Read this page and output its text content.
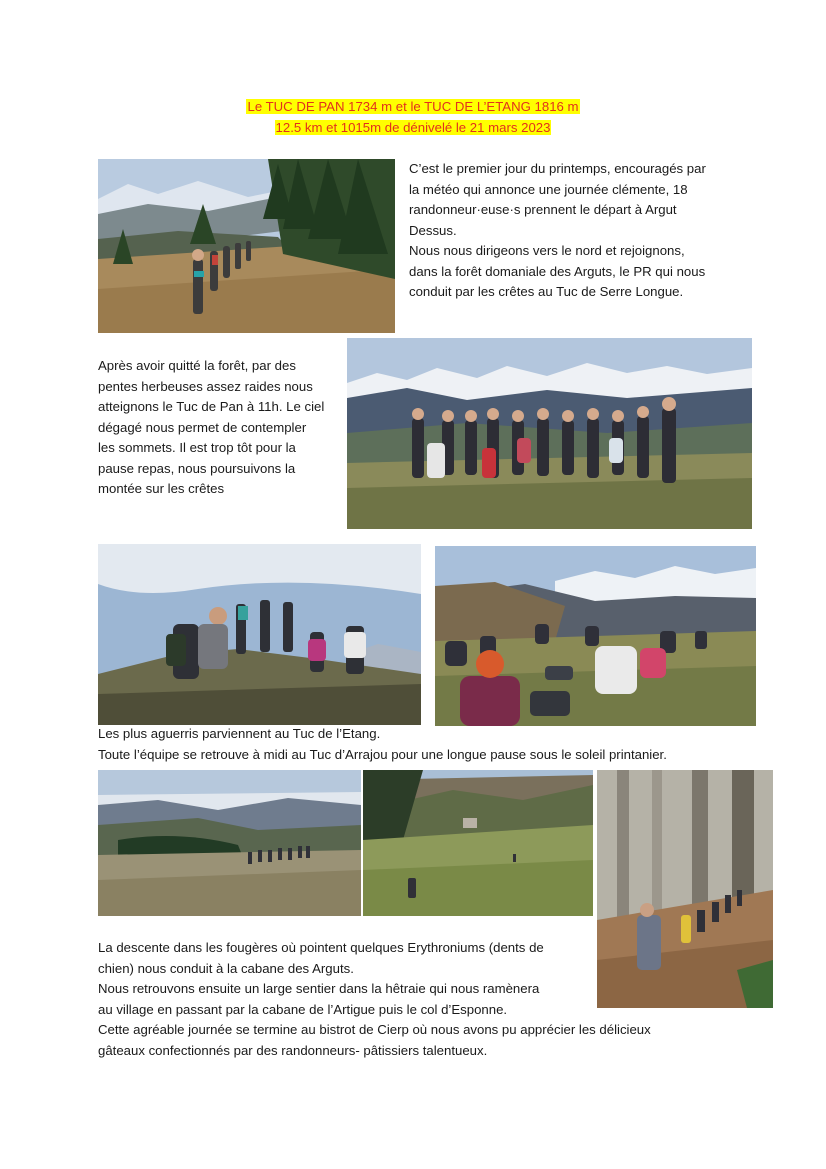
Le TUC DE PAN 1734 m et le TUC DE L’ETANG 1816 m
12.5 km et 1015m de dénivelé le 21 mars 2023

C’est le premier jour du printemps, encouragés par

la météo qui annonce une journée clémente, 18

randonneur·euse·s prennent le départ à Argut

Dessus.

Nous nous dirigeons vers le nord et rejoignons,

dans la forêt domaniale des Arguts, le PR qui nous

conduit par les crêtes au Tuc de Serre Longue.

Après avoir quitté la forêt, par des

pentes herbeuses assez raides nous

atteignons le Tuc de Pan à 11h. Le ciel

dégagé nous permet de contempler

les sommets. Il est trop tôt pour la

pause repas, nous poursuivons la

montée sur les crêtes

Les plus aguerris parviennent au Tuc de l’Etang.

Toute l’équipe se retrouve à midi au Tuc d’Arrajou pour une longue pause sous le soleil printanier.

La descente dans les fougères où pointent quelques Erythroniums (dents de

chien) nous conduit à la cabane des Arguts.

Nous retrouvons ensuite un large sentier dans la hêtraie qui nous ramènera

au village en passant par la cabane de l’Artigue puis le col d’Esponne.

Cette agréable journée se termine au bistrot de Cierp où nous avons pu apprécier les délicieux

gâteaux confectionnés par des randonneurs- pâtissiers talentueux.
